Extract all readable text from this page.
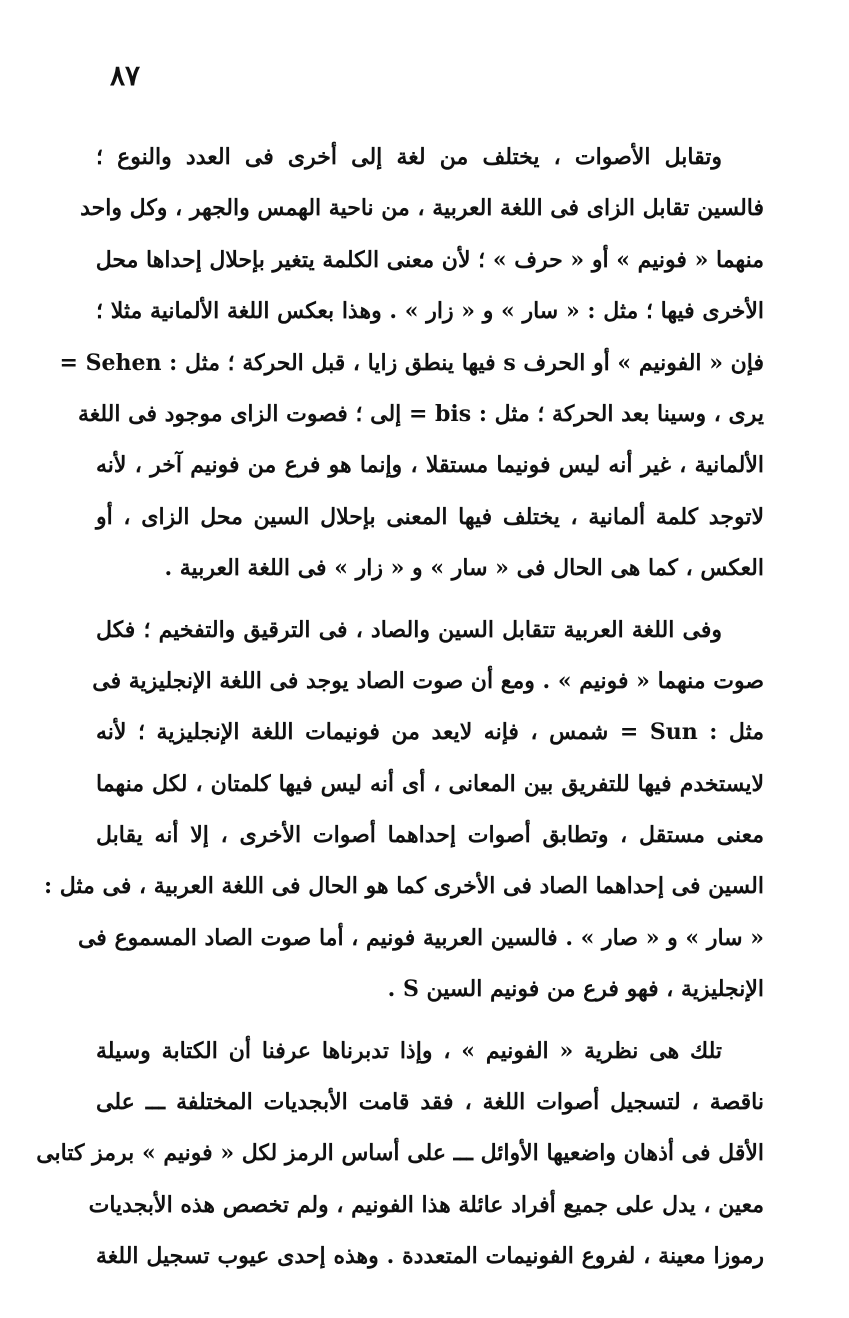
٨٧
وتقابل الأصوات ، يختلف من لغة إلى أخرى فى العدد والنوع ؛
فالسين تقابل الزاى فى اللغة العربية ، من ناحية الهمس والجهر ، وكل واحد
منهما « فونيم » أو « حرف » ؛ لأن معنى الكلمة يتغير بإحلال إحداها محل
الأخرى فيها ؛ مثل : « سار » و « زار » . وهذا بعكس اللغة الألمانية مثلا ؛
فإن « الفونيم » أو الحرف s فيها ينطق زايا ، قبل الحركة ؛ مثل : Sehen =
يرى ، وسينا بعد الحركة ؛ مثل : bis = إلى ؛ فصوت الزاى موجود فى اللغة
الألمانية ، غير أنه ليس فونيما مستقلا ، وإنما هو فرع من فونيم آخر ، لأنه
لاتوجد كلمة ألمانية ، يختلف فيها المعنى بإحلال السين محل الزاى ، أو
العكس ، كما هى الحال فى « سار » و « زار » فى اللغة العربية .
وفى اللغة العربية تتقابل السين والصاد ، فى الترقيق والتفخيم ؛ فكل
صوت منهما « فونيم » . ومع أن صوت الصاد يوجد فى اللغة الإنجليزية فى
مثل : Sun = شمس ، فإنه لايعد من فونيمات اللغة الإنجليزية ؛ لأنه
لايستخدم فيها للتفريق بين المعانى ، أى أنه ليس فيها كلمتان ، لكل منهما
معنى مستقل ، وتطابق أصوات إحداهما أصوات الأخرى ، إلا أنه يقابل
السين فى إحداهما الصاد فى الأخرى كما هو الحال فى اللغة العربية ، فى مثل :
« سار » و « صار » . فالسين العربية فونيم ، أما صوت الصاد المسموع فى
الإنجليزية ، فهو فرع من فونيم السين S .
تلك هى نظرية « الفونيم » ، وإذا تدبرناها عرفنا أن الكتابة وسيلة
ناقصة ، لتسجيل أصوات اللغة ، فقد قامت الأبجديات المختلفة ـــ على
الأقل فى أذهان واضعيها الأوائل ـــ على أساس الرمز لكل « فونيم » برمز كتابى
معين ، يدل على جميع أفراد عائلة هذا الفونيم ، ولم تخصص هذه الأبجديات
رموزا معينة ، لفروع الفونيمات المتعددة . وهذه إحدى عيوب تسجيل اللغة
